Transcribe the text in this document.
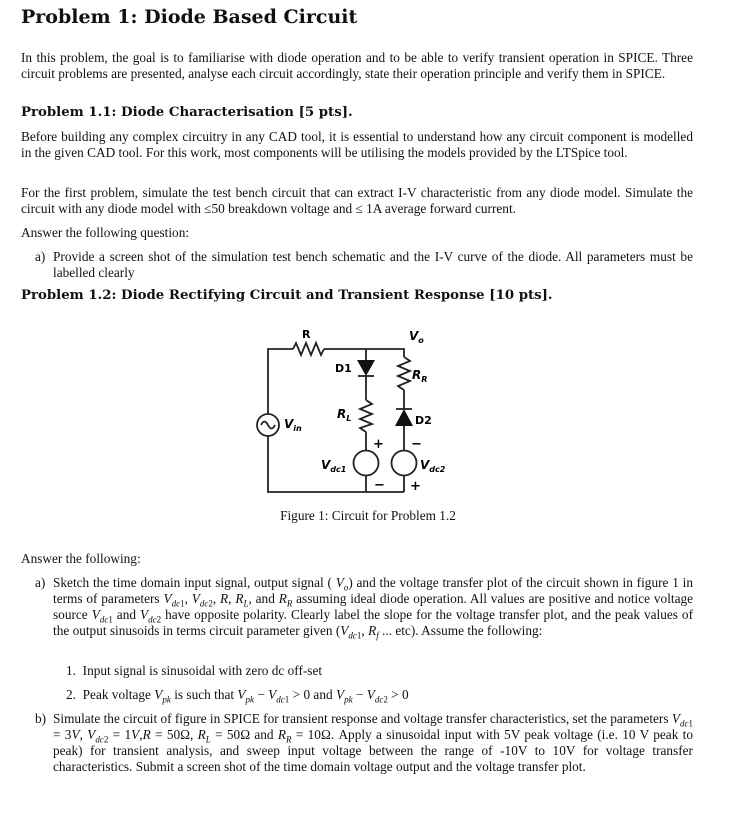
Problem 1: Diode Based Circuit
In this problem, the goal is to familiarise with diode operation and to be able to verify transient operation in SPICE. Three circuit problems are presented, analyse each circuit accordingly, state their operation principle and verify them in SPICE.
Problem 1.1: Diode Characterisation [5 pts].
Before building any complex circuitry in any CAD tool, it is essential to understand how any circuit component is modelled in the given CAD tool. For this work, most components will be utilising the models provided by the LTSpice tool.
For the first problem, simulate the test bench circuit that can extract I-V characteristic from any diode model. Simulate the circuit with any diode model with ≤50 breakdown voltage and ≤ 1A average forward current.
Answer the following question:
a) Provide a screen shot of the simulation test bench schematic and the I-V curve of the diode. All parameters must be labelled clearly
Problem 1.2: Diode Rectifying Circuit and Transient Response [10 pts].
R	$V_o$
D1	$R_R$
$R_L$	D2
$V_{in}$
$V_{dc1}$	$V_{dc2}$
+
−
−
+
Figure 1: Circuit for Problem 1.2
Answer the following:
a) Sketch the time domain input signal, output signal ( $V_o$) and the voltage transfer plot of the circuit shown in figure 1 in terms of parameters $V_{dc1}$, $V_{dc2}$, R, $R_L$, and $R_R$ assuming ideal diode operation. All values are positive and notice voltage source $V_{dc1}$ and $V_{dc2}$ have opposite polarity. Clearly label the slope for the voltage transfer plot, and the peak values of the output sinusoids in terms circuit parameter given ($V_{dc1}$, $R_f$ ... etc). Assume the following:
1. Input signal is sinusoidal with zero dc off-set
2. Peak voltage $V_{pk}$ is such that $V_{pk} - V_{dc1} > 0$ and $V_{pk} - V_{dc2} > 0$
b) Simulate the circuit of figure in SPICE for transient response and voltage transfer characteristics, set the parameters $V_{dc1} = 3V$, $V_{dc2} = 1V,R = 50\Omega$, $R_L = 50\Omega$ and $R_R = 10\Omega$. Apply a sinusoidal input with 5V peak voltage (i.e. 10 V peak to peak) for transient analysis, and sweep input voltage between the range of -10V to 10V for voltage transfer characteristics. Submit a screen shot of the time domain voltage output and the voltage transfer plot.
